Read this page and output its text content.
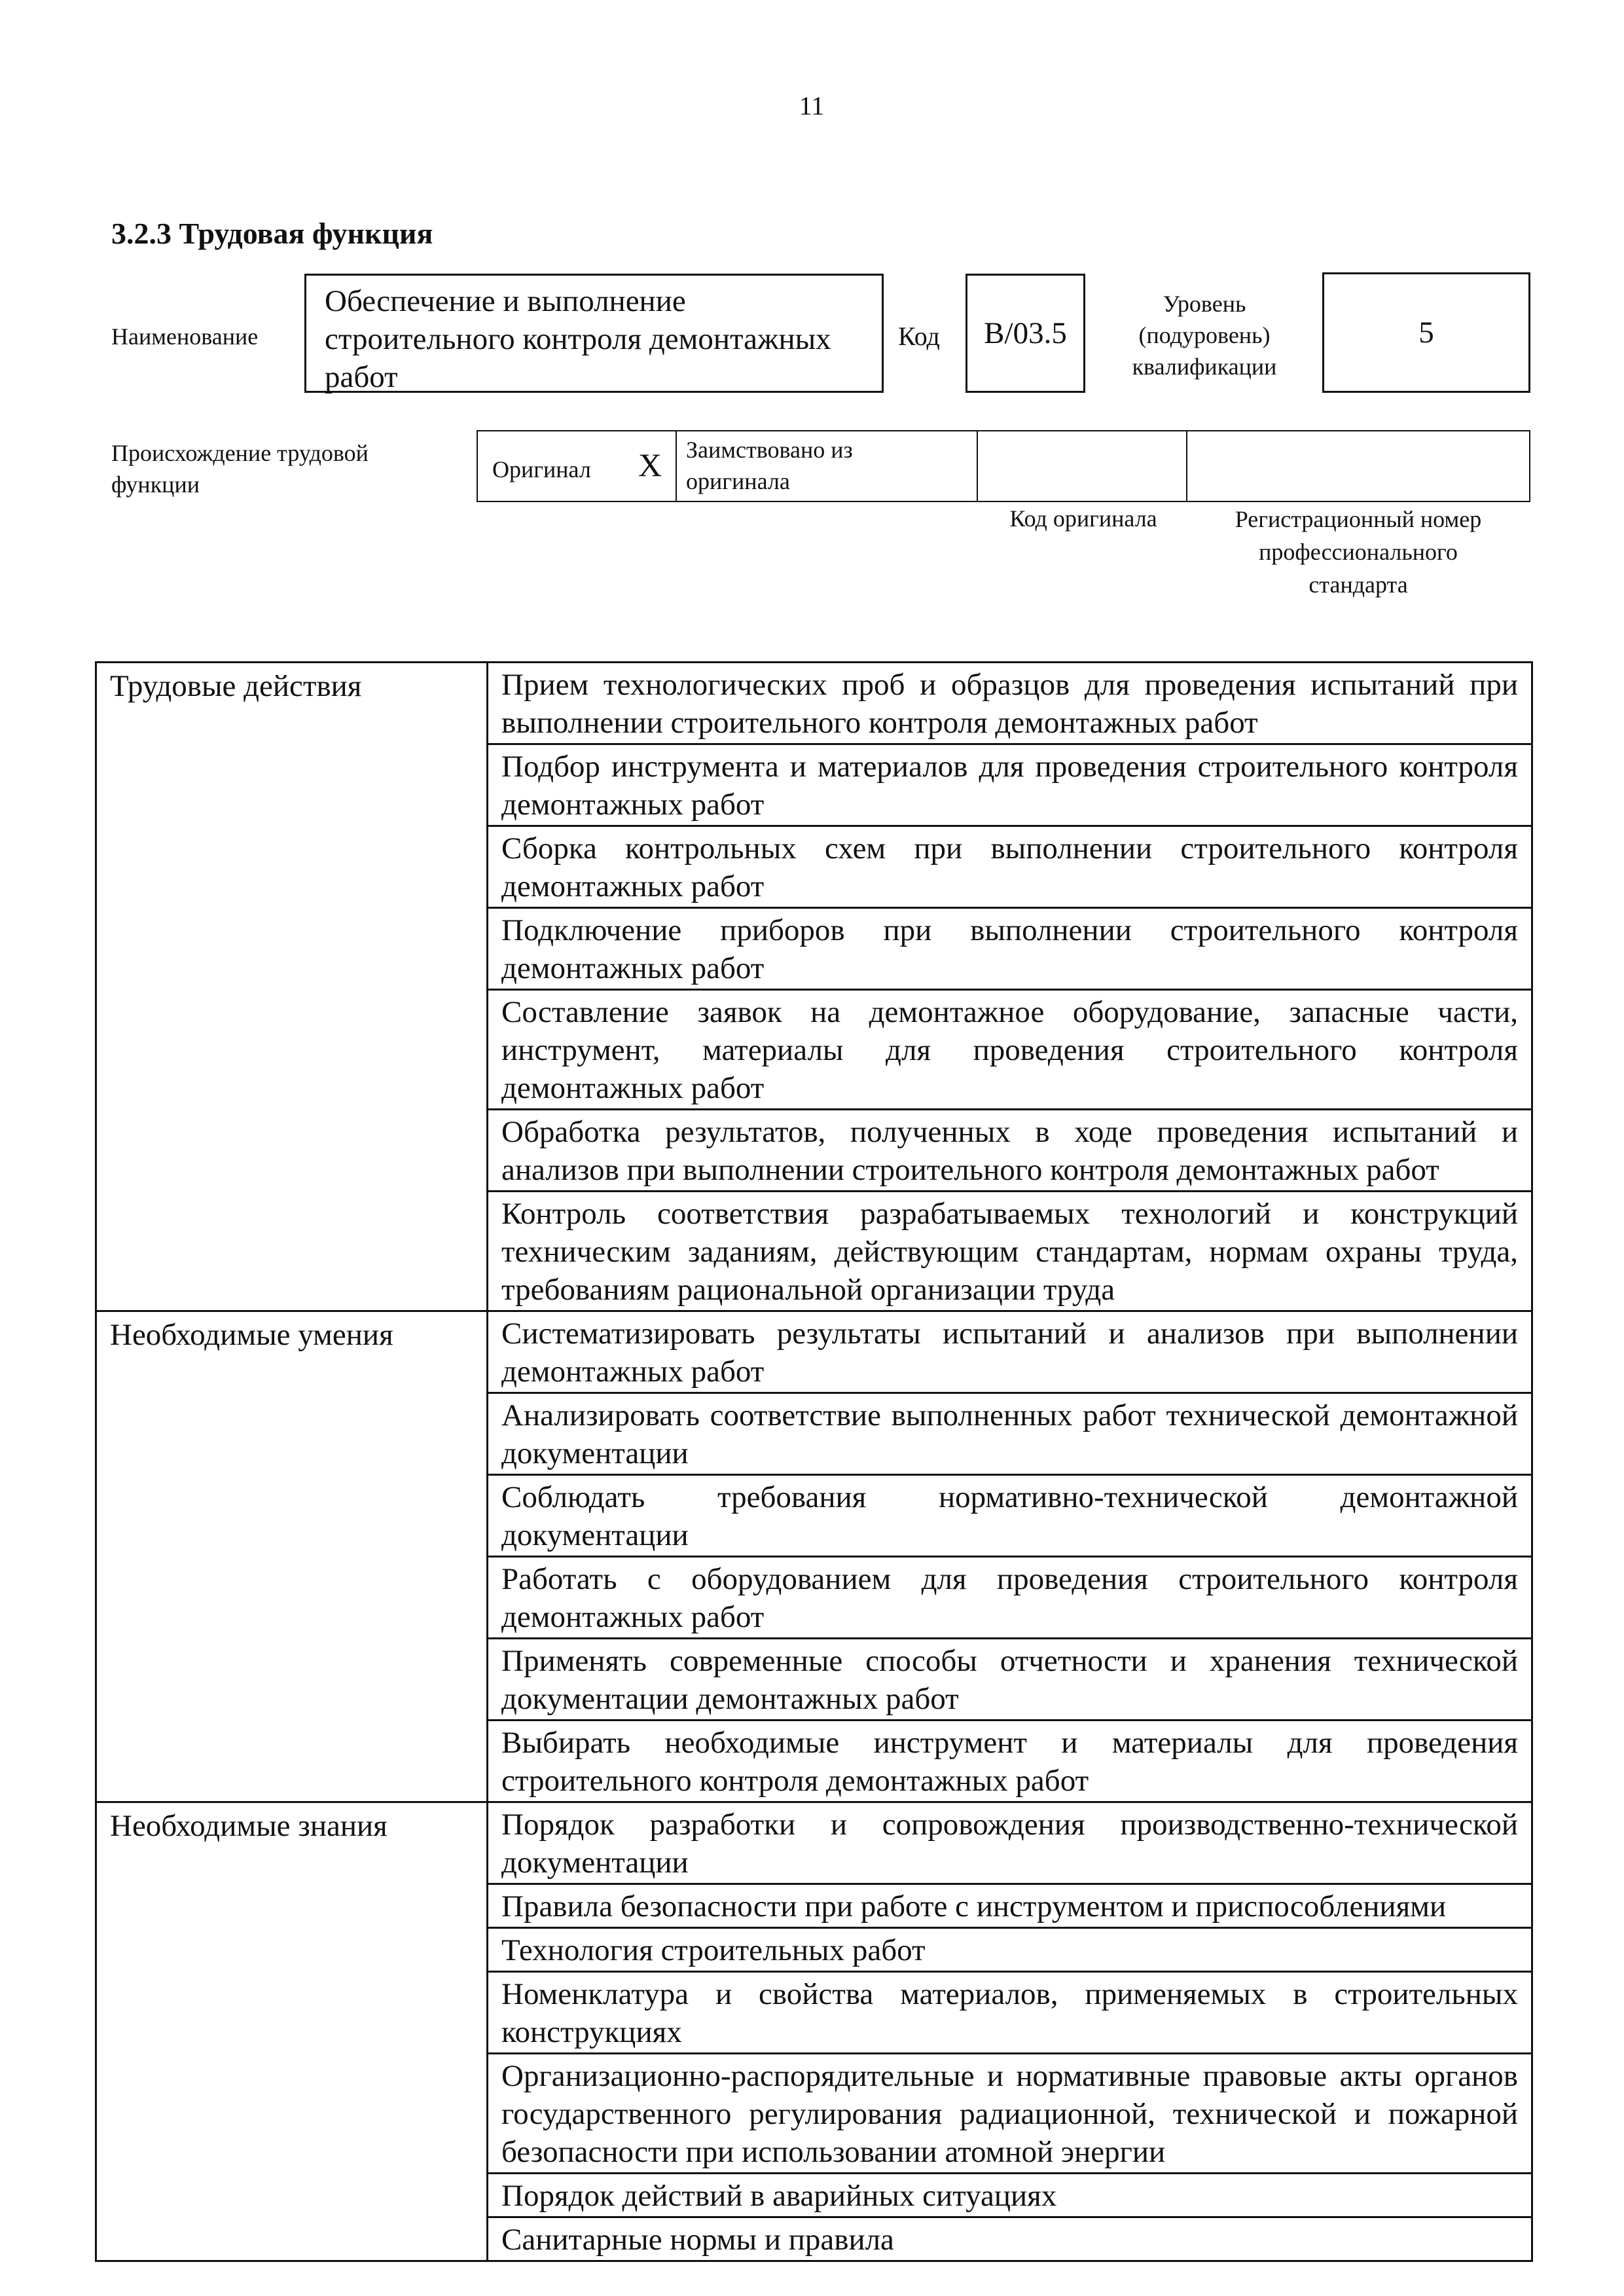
11
3.2.3 Трудовая функция
Наименование
Обеспечение и выполнение строительного контроля демонтажных работ
Код	B/03.5
Уровень
(подуровень)
квалификации
5
Происхождение трудовой
функции
Оригинал X Заимствовано из
оригинала
Код оригинала	Регистрационный номер
профессионального
стандарта
Трудовые действия	Прием технологических проб и образцов для проведения испытаний при выполнении строительного контроля демонтажных работ
	Подбор инструмента и материалов для проведения строительного контроля демонтажных работ
	Сборка контрольных схем при выполнении строительного контроля демонтажных работ
	Подключение приборов при выполнении строительного контроля демонтажных работ
	Составление заявок на демонтажное оборудование, запасные части, инструмент, материалы для проведения строительного контроля демонтажных работ
	Обработка результатов, полученных в ходе проведения испытаний и анализов при выполнении строительного контроля демонтажных работ
	Контроль соответствия разрабатываемых технологий и конструкций техническим заданиям, действующим стандартам, нормам охраны труда, требованиям рациональной организации труда
Необходимые умения	Систематизировать результаты испытаний и анализов при выполнении демонтажных работ
	Анализировать соответствие выполненных работ технической демонтажной документации
	Соблюдать требования нормативно-технической демонтажной документации
	Работать с оборудованием для проведения строительного контроля демонтажных работ
	Применять современные способы отчетности и хранения технической документации демонтажных работ
	Выбирать необходимые инструмент и материалы для проведения строительного контроля демонтажных работ
Необходимые знания	Порядок разработки и сопровождения производственно-технической документации
	Правила безопасности при работе с инструментом и приспособлениями
	Технология строительных работ
	Номенклатура и свойства материалов, применяемых в строительных конструкциях
	Организационно-распорядительные и нормативные правовые акты органов государственного регулирования радиационной, технической и пожарной безопасности при использовании атомной энергии
	Порядок действий в аварийных ситуациях
	Санитарные нормы и правила
